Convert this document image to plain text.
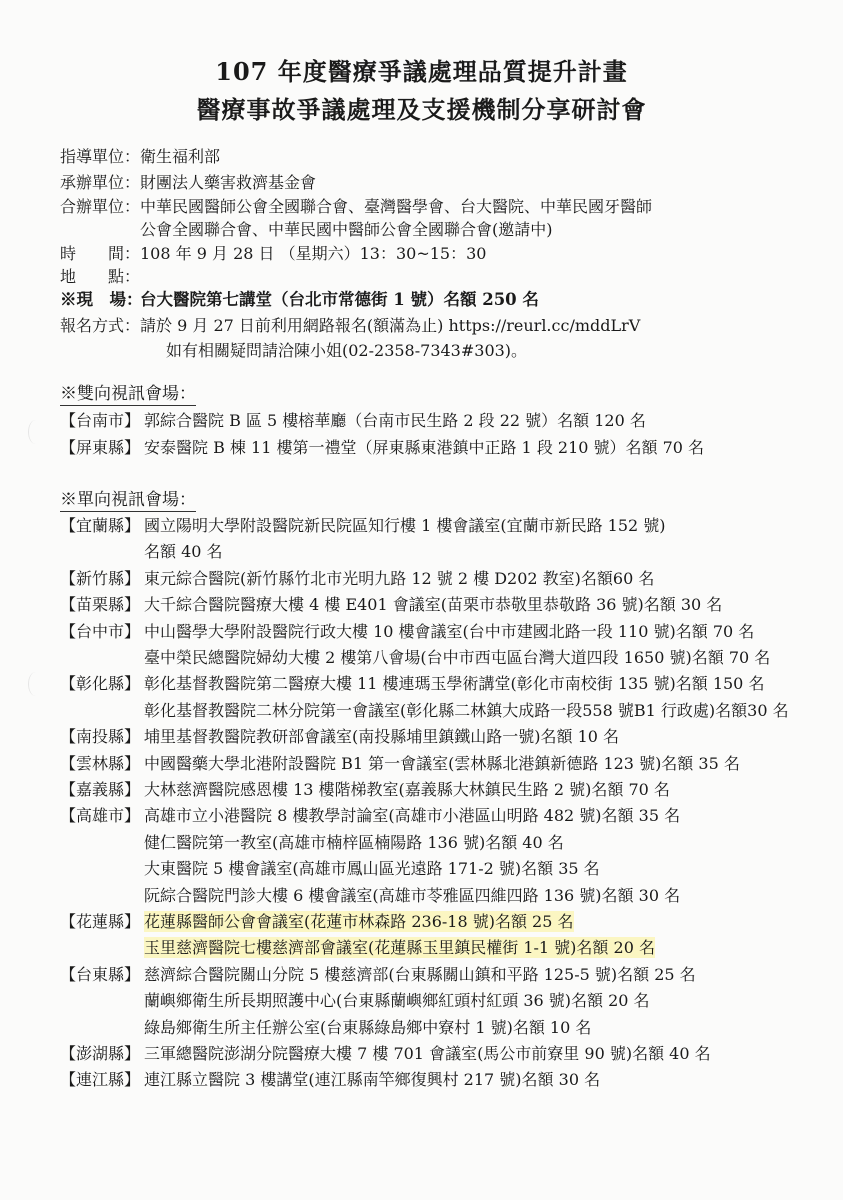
107 年度醫療爭議處理品質提升計畫
醫療事故爭議處理及支援機制分享研討會
指導單位：衛生福利部
承辦單位：財團法人藥害救濟基金會
合辦單位：中華民國醫師公會全國聯合會、臺灣醫學會、台大醫院、中華民國牙醫師
公會全國聯合會、中華民國中醫師公會全國聯合會(邀請中)
時　　間：108 年 9 月 28 日 （星期六）13：30~15：30
地　　點：
※現　場：台大醫院第七講堂（台北市常德街 1 號）名額 250 名
報名方式：請於 9 月 27 日前利用網路報名(額滿為止) https://reurl.cc/mddLrV
如有相關疑問請洽陳小姐(02-2358-7343#303)。
※雙向視訊會場：
【台南市】 郭綜合醫院 B 區 5 樓榕華廳（台南市民生路 2 段 22 號）名額 120 名
【屏東縣】 安泰醫院 B 棟 11 樓第一禮堂（屏東縣東港鎮中正路 1 段 210 號）名額 70 名
※單向視訊會場：
【宜蘭縣】 國立陽明大學附設醫院新民院區知行樓 1 樓會議室(宜蘭市新民路 152 號)
名額 40 名
【新竹縣】 東元綜合醫院(新竹縣竹北市光明九路 12 號 2 樓 D202 教室)名額60 名
【苗栗縣】 大千綜合醫院醫療大樓 4 樓 E401 會議室(苗栗市恭敬里恭敬路 36 號)名額 30 名
【台中市】 中山醫學大學附設醫院行政大樓 10 樓會議室(台中市建國北路一段 110 號)名額 70 名
臺中榮民總醫院婦幼大樓 2 樓第八會場(台中市西屯區台灣大道四段 1650 號)名額 70 名
【彰化縣】 彰化基督教醫院第二醫療大樓 11 樓連瑪玉學術講堂(彰化市南校街 135 號)名額 150 名
彰化基督教醫院二林分院第一會議室(彰化縣二林鎮大成路一段558 號B1 行政處)名額30 名
【南投縣】 埔里基督教醫院教研部會議室(南投縣埔里鎮鐵山路一號)名額 10 名
【雲林縣】 中國醫藥大學北港附設醫院 B1 第一會議室(雲林縣北港鎮新德路 123 號)名額 35 名
【嘉義縣】 大林慈濟醫院感恩樓 13 樓階梯教室(嘉義縣大林鎮民生路 2 號)名額 70 名
【高雄市】 高雄市立小港醫院 8 樓教學討論室(高雄市小港區山明路 482 號)名額 35 名
健仁醫院第一教室(高雄市楠梓區楠陽路 136 號)名額 40 名
大東醫院 5 樓會議室(高雄市鳳山區光遠路 171-2 號)名額 35 名
阮綜合醫院門診大樓 6 樓會議室(高雄市苓雅區四維四路 136 號)名額 30 名
【花蓮縣】 花蓮縣醫師公會會議室(花蓮市林森路 236-18 號)名額 25 名
玉里慈濟醫院七樓慈濟部會議室(花蓮縣玉里鎮民權街 1-1 號)名額 20 名
【台東縣】 慈濟綜合醫院關山分院 5 樓慈濟部(台東縣關山鎮和平路 125-5 號)名額 25 名
蘭嶼鄉衛生所長期照護中心(台東縣蘭嶼鄉紅頭村紅頭 36 號)名額 20 名
綠島鄉衛生所主任辦公室(台東縣綠島鄉中寮村 1 號)名額 10 名
【澎湖縣】 三軍總醫院澎湖分院醫療大樓 7 樓 701 會議室(馬公市前寮里 90 號)名額 40 名
【連江縣】 連江縣立醫院 3 樓講堂(連江縣南竿鄉復興村 217 號)名額 30 名
